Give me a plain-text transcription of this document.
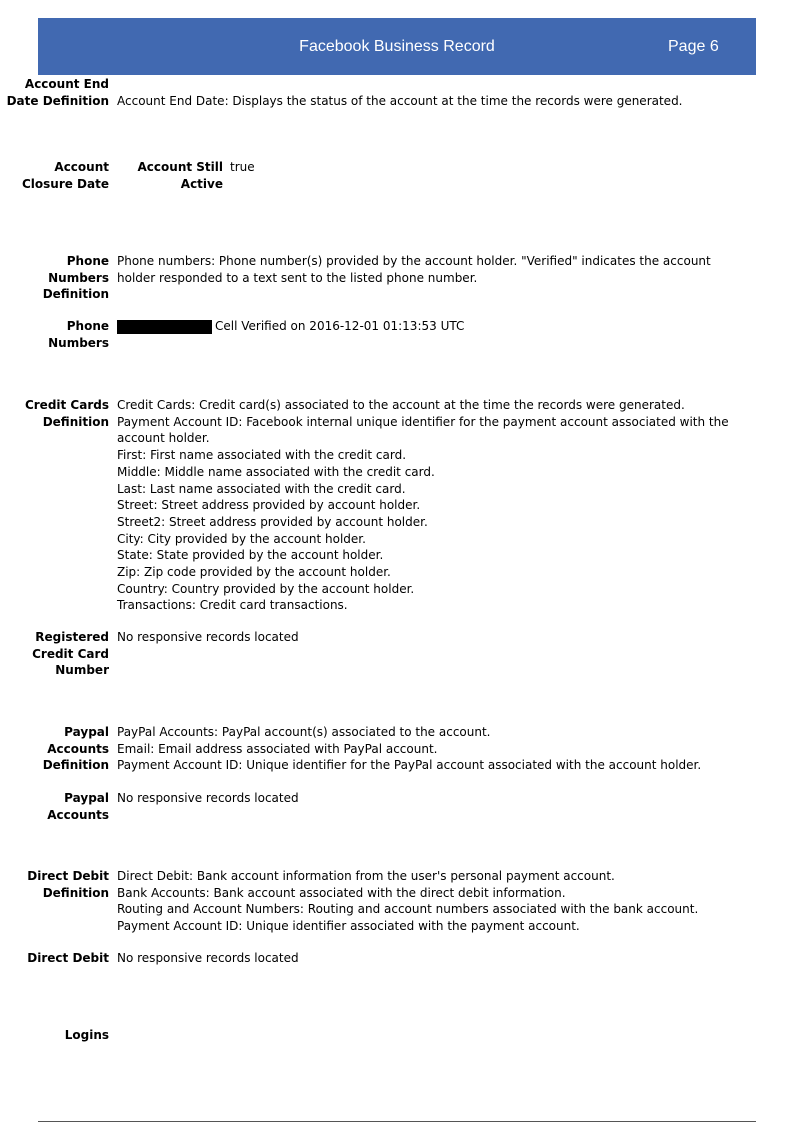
Facebook Business Record	Page 6
Account End
Date Definition Account End Date: Displays the status of the account at the time the records were generated.
Account
Closure Date
Account Still
Active
true
Phone
Numbers
Definition
Phone numbers: Phone number(s) provided by the account holder. "Verified" indicates the account
holder responded to a text sent to the listed phone number.
Phone
Numbers
Cell Verified on 2016-12-01 01:13:53 UTC
Credit Cards
Definition
Credit Cards: Credit card(s) associated to the account at the time the records were generated.
Payment Account ID: Facebook internal unique identifier for the payment account associated with the
account holder.
First: First name associated with the credit card.
Middle: Middle name associated with the credit card.
Last: Last name associated with the credit card.
Street: Street address provided by account holder.
Street2: Street address provided by account holder.
City: City provided by the account holder.
State: State provided by the account holder.
Zip: Zip code provided by the account holder.
Country: Country provided by the account holder.
Transactions: Credit card transactions.
Registered
Credit Card
Number
No responsive records located
Paypal
Accounts
Definition
PayPal Accounts: PayPal account(s) associated to the account.
Email: Email address associated with PayPal account.
Payment Account ID: Unique identifier for the PayPal account associated with the account holder.
Paypal
Accounts
No responsive records located
Direct Debit
Definition
Direct Debit: Bank account information from the user's personal payment account.
Bank Accounts: Bank account associated with the direct debit information.
Routing and Account Numbers: Routing and account numbers associated with the bank account.
Payment Account ID: Unique identifier associated with the payment account.
Direct Debit No responsive records located
Logins
